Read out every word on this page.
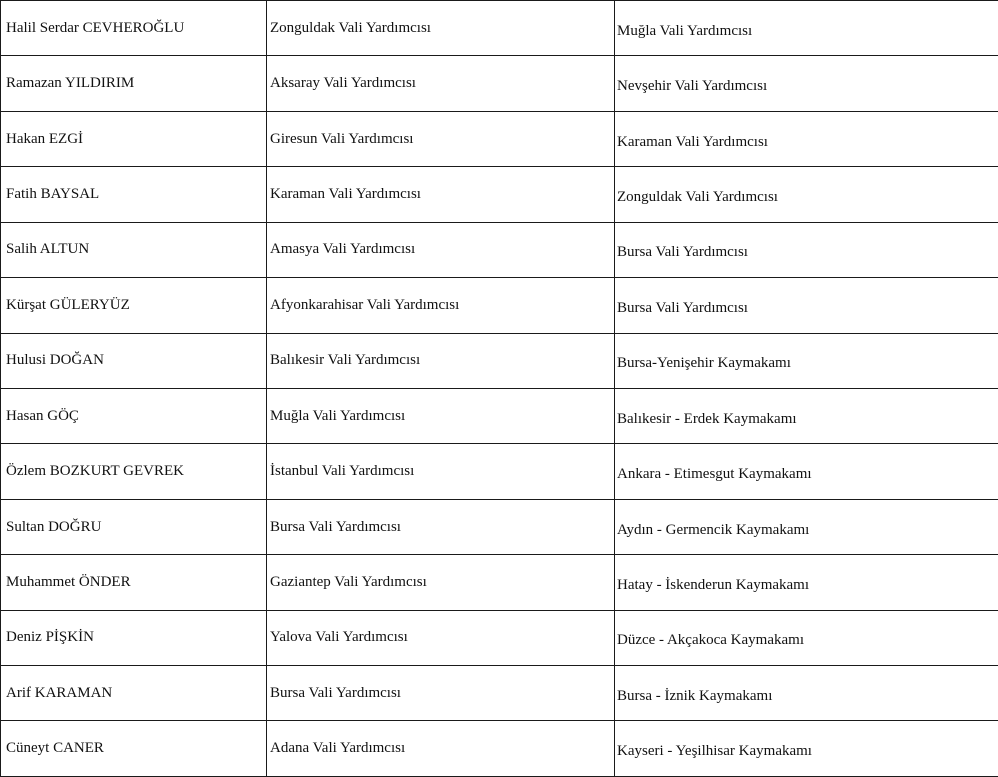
Halil Serdar CEVHEROĞLU	Zonguldak Vali Yardımcısı	Muğla Vali Yardımcısı
Ramazan YILDIRIM	Aksaray Vali Yardımcısı	Nevşehir Vali Yardımcısı
Hakan EZGİ	Giresun Vali Yardımcısı	Karaman Vali Yardımcısı
Fatih BAYSAL	Karaman Vali Yardımcısı	Zonguldak Vali Yardımcısı
Salih ALTUN	Amasya Vali Yardımcısı	Bursa Vali Yardımcısı
Kürşat GÜLERYÜZ	Afyonkarahisar Vali Yardımcısı	Bursa Vali Yardımcısı
Hulusi DOĞAN	Balıkesir Vali Yardımcısı	Bursa-Yenişehir Kaymakamı
Hasan GÖÇ	Muğla Vali Yardımcısı	Balıkesir - Erdek Kaymakamı
Özlem BOZKURT GEVREK	İstanbul Vali Yardımcısı	Ankara - Etimesgut Kaymakamı
Sultan DOĞRU	Bursa Vali Yardımcısı	Aydın - Germencik Kaymakamı
Muhammet ÖNDER	Gaziantep Vali Yardımcısı	Hatay - İskenderun Kaymakamı
Deniz PİŞKİN	Yalova Vali Yardımcısı	Düzce - Akçakoca Kaymakamı
Arif KARAMAN	Bursa Vali Yardımcısı	Bursa - İznik Kaymakamı
Cüneyt CANER	Adana Vali Yardımcısı	Kayseri - Yeşilhisar Kaymakamı
